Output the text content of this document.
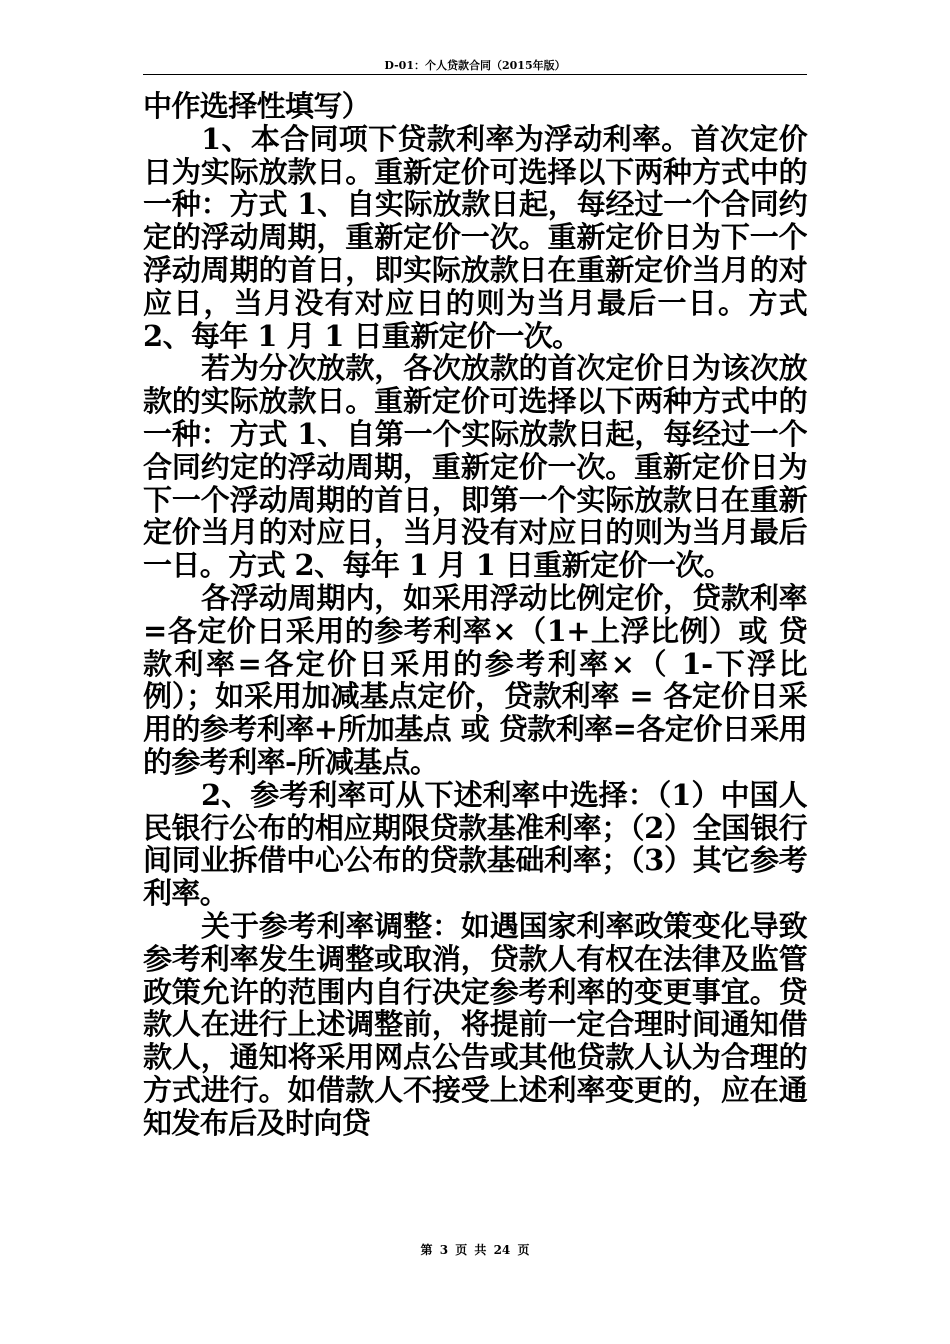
D-01：个人贷款合同（2015年版）

中作选择性填写）

1、本合同项下贷款利率为浮动利率。首次定价日为实际放款日。重新定价可选择以下两种方式中的一种：方式 1、自实际放款日起，每经过一个合同约定的浮动周期，重新定价一次。重新定价日为下一个浮动周期的首日，即实际放款日在重新定价当月的对应日，当月没有对应日的则为当月最后一日。方式 2、每年 1 月 1 日重新定价一次。

若为分次放款，各次放款的首次定价日为该次放款的实际放款日。重新定价可选择以下两种方式中的一种：方式 1、自第一个实际放款日起，每经过一个合同约定的浮动周期，重新定价一次。重新定价日为下一个浮动周期的首日，即第一个实际放款日在重新定价当月的对应日，当月没有对应日的则为当月最后一日。方式 2、每年 1 月 1 日重新定价一次。

各浮动周期内，如采用浮动比例定价，贷款利率=各定价日采用的参考利率×（1+上浮比例）或 贷款利率=各定价日采用的参考利率×（ 1-下浮比例）；如采用加减基点定价，贷款利率 = 各定价日采用的参考利率+所加基点 或 贷款利率=各定价日采用的参考利率-所减基点。

2、参考利率可从下述利率中选择：（1）中国人民银行公布的相应期限贷款基准利率；（2）全国银行间同业拆借中心公布的贷款基础利率；（3）其它参考利率。

关于参考利率调整：如遇国家利率政策变化导致参考利率发生调整或取消，贷款人有权在法律及监管政策允许的范围内自行决定参考利率的变更事宜。贷款人在进行上述调整前，将提前一定合理时间通知借款人，通知将采用网点公告或其他贷款人认为合理的方式进行。如借款人不接受上述利率变更的，应在通知发布后及时向贷

第 3 页 共 24 页
